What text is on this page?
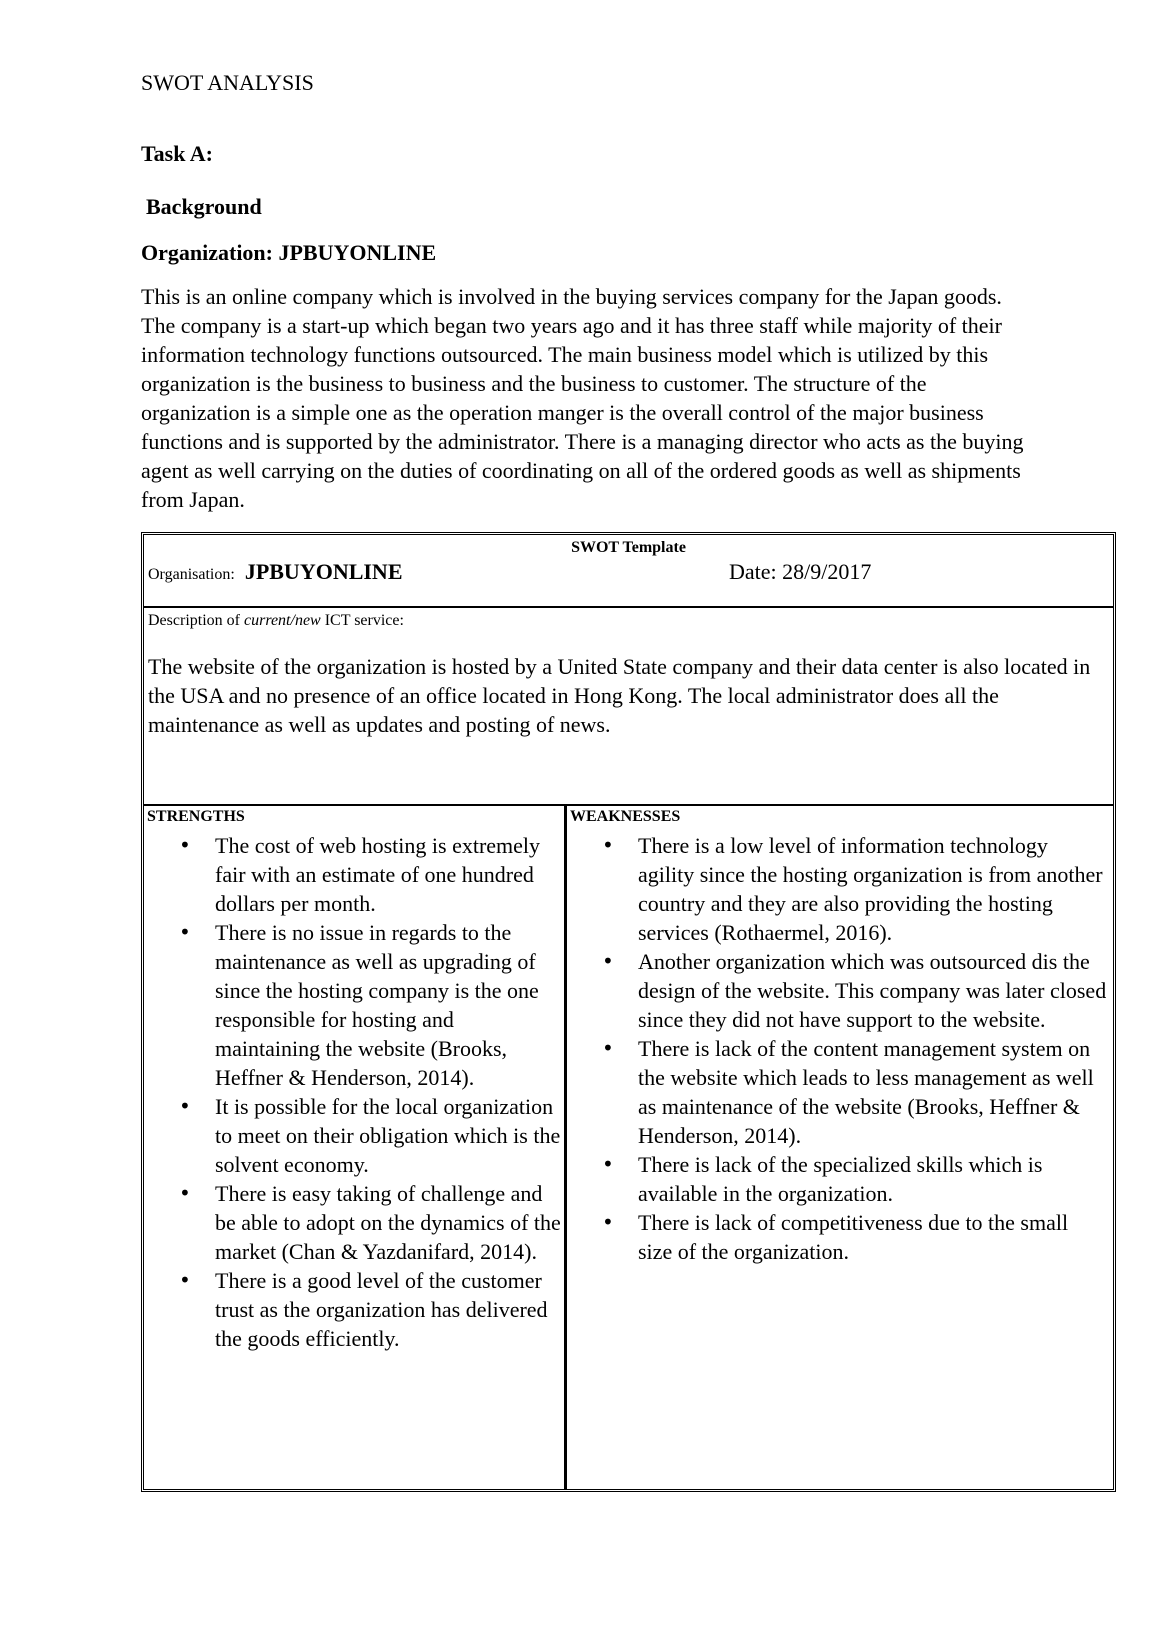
SWOT ANALYSIS
Task A:
Background
Organization: JPBUYONLINE

This is an online company which is involved in the buying services company for the Japan goods. The company is a start-up which began two years ago and it has three staff while majority of their information technology functions outsourced. The main business model which is utilized by this organization is the business to business and the business to customer. The structure of the organization is a simple one as the operation manger is the overall control of the major business functions and is supported by the administrator. There is a managing director who acts as the buying agent as well carrying on the duties of coordinating on all of the ordered goods as well as shipments from Japan.

SWOT Template
Organisation: JPBUYONLINE	Date: 28/9/2017
Description of current/new ICT service:

The website of the organization is hosted by a United State company and their data center is also located in the USA and no presence of an office located in Hong Kong. The local administrator does all the maintenance as well as updates and posting of news.

STRENGTHS
• The cost of web hosting is extremely fair with an estimate of one hundred dollars per month.
• There is no issue in regards to the maintenance as well as upgrading of since the hosting company is the one responsible for hosting and maintaining the website (Brooks, Heffner & Henderson, 2014).
• It is possible for the local organization to meet on their obligation which is the solvent economy.
• There is easy taking of challenge and be able to adopt on the dynamics of the market (Chan & Yazdanifard, 2014).
• There is a good level of the customer trust as the organization has delivered the goods efficiently.
WEAKNESSES
• There is a low level of information technology agility since the hosting organization is from another country and they are also providing the hosting services (Rothaermel, 2016).
• Another organization which was outsourced dis the design of the website. This company was later closed since they did not have support to the website.
• There is lack of the content management system on the website which leads to less management as well as maintenance of the website (Brooks, Heffner & Henderson, 2014).
• There is lack of the specialized skills which is available in the organization.
• There is lack of competitiveness due to the small size of the organization.
